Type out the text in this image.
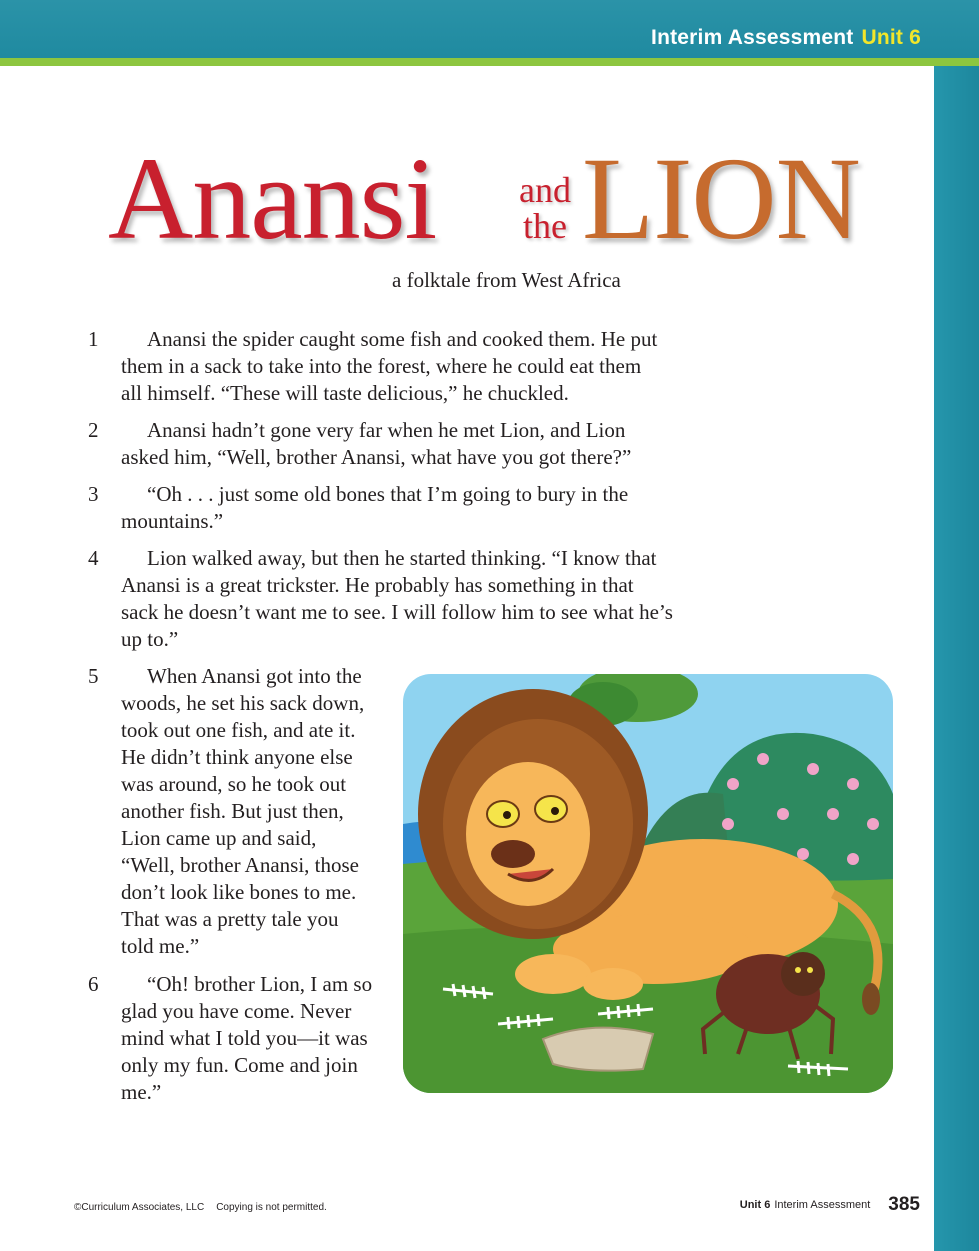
Interim Assessment Unit 6
Anansi and
the LION
a folktale from West Africa
1	Anansi the spider caught some fish and cooked them. He put
them in a sack to take into the forest, where he could eat them
all himself. “These will taste delicious,” he chuckled.
2	Anansi hadn’t gone very far when he met Lion, and Lion
asked him, “Well, brother Anansi, what have you got there?”
3	“Oh . . . just some old bones that I’m going to bury in the
mountains.”
4	Lion walked away, but then he started thinking. “I know that
Anansi is a great trickster. He probably has something in that
sack he doesn’t want me to see. I will follow him to see what he’s
up to.”
5	When Anansi got into the
woods, he set his sack down,
took out one fish, and ate it.
He didn’t think anyone else
was around, so he took out
another fish. But just then,
Lion came up and said,
“Well, brother Anansi, those
don’t look like bones to me.
That was a pretty tale you
told me.”
6	“Oh! brother Lion, I am so
glad you have come. Never
mind what I told you—it was
only my fun. Come and join
me.”
©Curriculum Associates, LLC Copying is not permitted.	Unit 6 Interim Assessment 385
